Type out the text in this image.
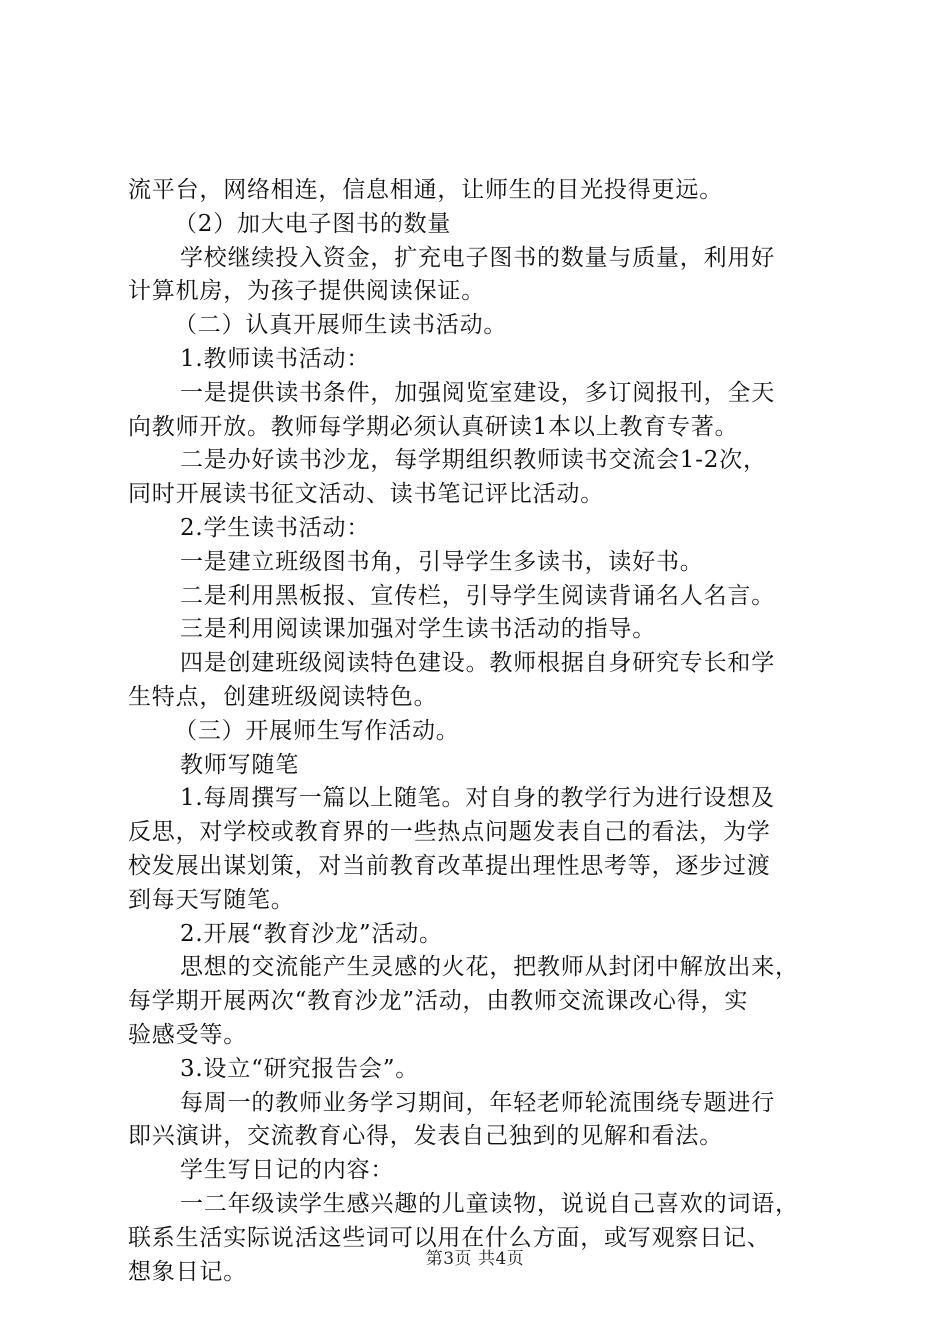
流平台，网络相连，信息相通，让师生的目光投得更远。

（2）加大电子图书的数量

学校继续投入资金，扩充电子图书的数量与质量，利用好

计算机房，为孩子提供阅读保证。

（二）认真开展师生读书活动。

1.教师读书活动：

一是提供读书条件，加强阅览室建设，多订阅报刊，全天

向教师开放。教师每学期必须认真研读1本以上教育专著。

二是办好读书沙龙，每学期组织教师读书交流会1-2次，

同时开展读书征文活动、读书笔记评比活动。

2.学生读书活动：

一是建立班级图书角，引导学生多读书，读好书。

二是利用黑板报、宣传栏，引导学生阅读背诵名人名言。

三是利用阅读课加强对学生读书活动的指导。

四是创建班级阅读特色建设。教师根据自身研究专长和学

生特点，创建班级阅读特色。

（三）开展师生写作活动。

教师写随笔

1.每周撰写一篇以上随笔。对自身的教学行为进行设想及

反思，对学校或教育界的一些热点问题发表自己的看法，为学

校发展出谋划策，对当前教育改革提出理性思考等，逐步过渡

到每天写随笔。

2.开展“教育沙龙”活动。

思想的交流能产生灵感的火花，把教师从封闭中解放出来，

每学期开展两次“教育沙龙”活动，由教师交流课改心得，实

验感受等。

3.设立“研究报告会”。

每周一的教师业务学习期间，年轻老师轮流围绕专题进行

即兴演讲，交流教育心得，发表自己独到的见解和看法。

学生写日记的内容：

一二年级读学生感兴趣的儿童读物，说说自己喜欢的词语，

联系生活实际说活这些词可以用在什么方面，或写观察日记、

想象日记。	第3页 共4页
